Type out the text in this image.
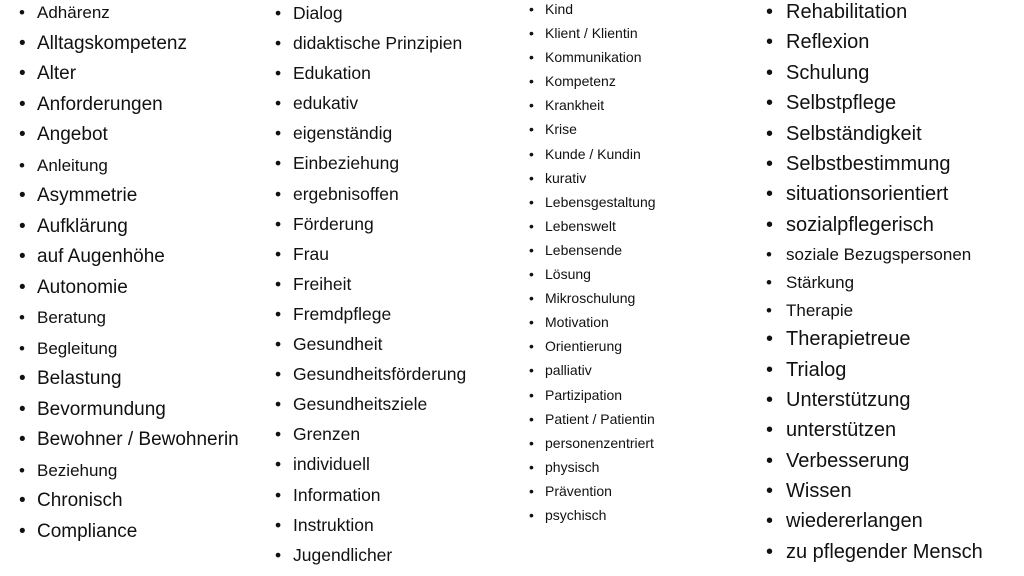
• Adhärenz
• Alltagskompetenz
• Alter
• Anforderungen
• Angebot
• Anleitung
• Asymmetrie
• Aufklärung
• auf Augenhöhe
• Autonomie
• Beratung
• Begleitung
• Belastung
• Bevormundung
• Bewohner / Bewohnerin
• Beziehung
• Chronisch
• Compliance
• Dialog
• didaktische Prinzipien
• Edukation
• edukativ
• eigenständig
• Einbeziehung
• ergebnisoffen
• Förderung
• Frau
• Freiheit
• Fremdpflege
• Gesundheit
• Gesundheitsförderung
• Gesundheitsziele
• Grenzen
• individuell
• Information
• Instruktion
• Jugendlicher
• Kind
• Klient / Klientin
• Kommunikation
• Kompetenz
• Krankheit
• Krise
• Kunde / Kundin
• kurativ
• Lebensgestaltung
• Lebenswelt
• Lebensende
• Lösung
• Mikroschulung
• Motivation
• Orientierung
• palliativ
• Partizipation
• Patient / Patientin
• personenzentriert
• physisch
• Prävention
• psychisch
• Rehabilitation
• Reflexion
• Schulung
• Selbstpflege
• Selbständigkeit
• Selbstbestimmung
• situationsorientiert
• sozialpflegerisch
• soziale Bezugspersonen
• Stärkung
• Therapie
• Therapietreue
• Trialog
• Unterstützung
• unterstützen
• Verbesserung
• Wissen
• wiedererlangen
• zu pflegender Mensch
